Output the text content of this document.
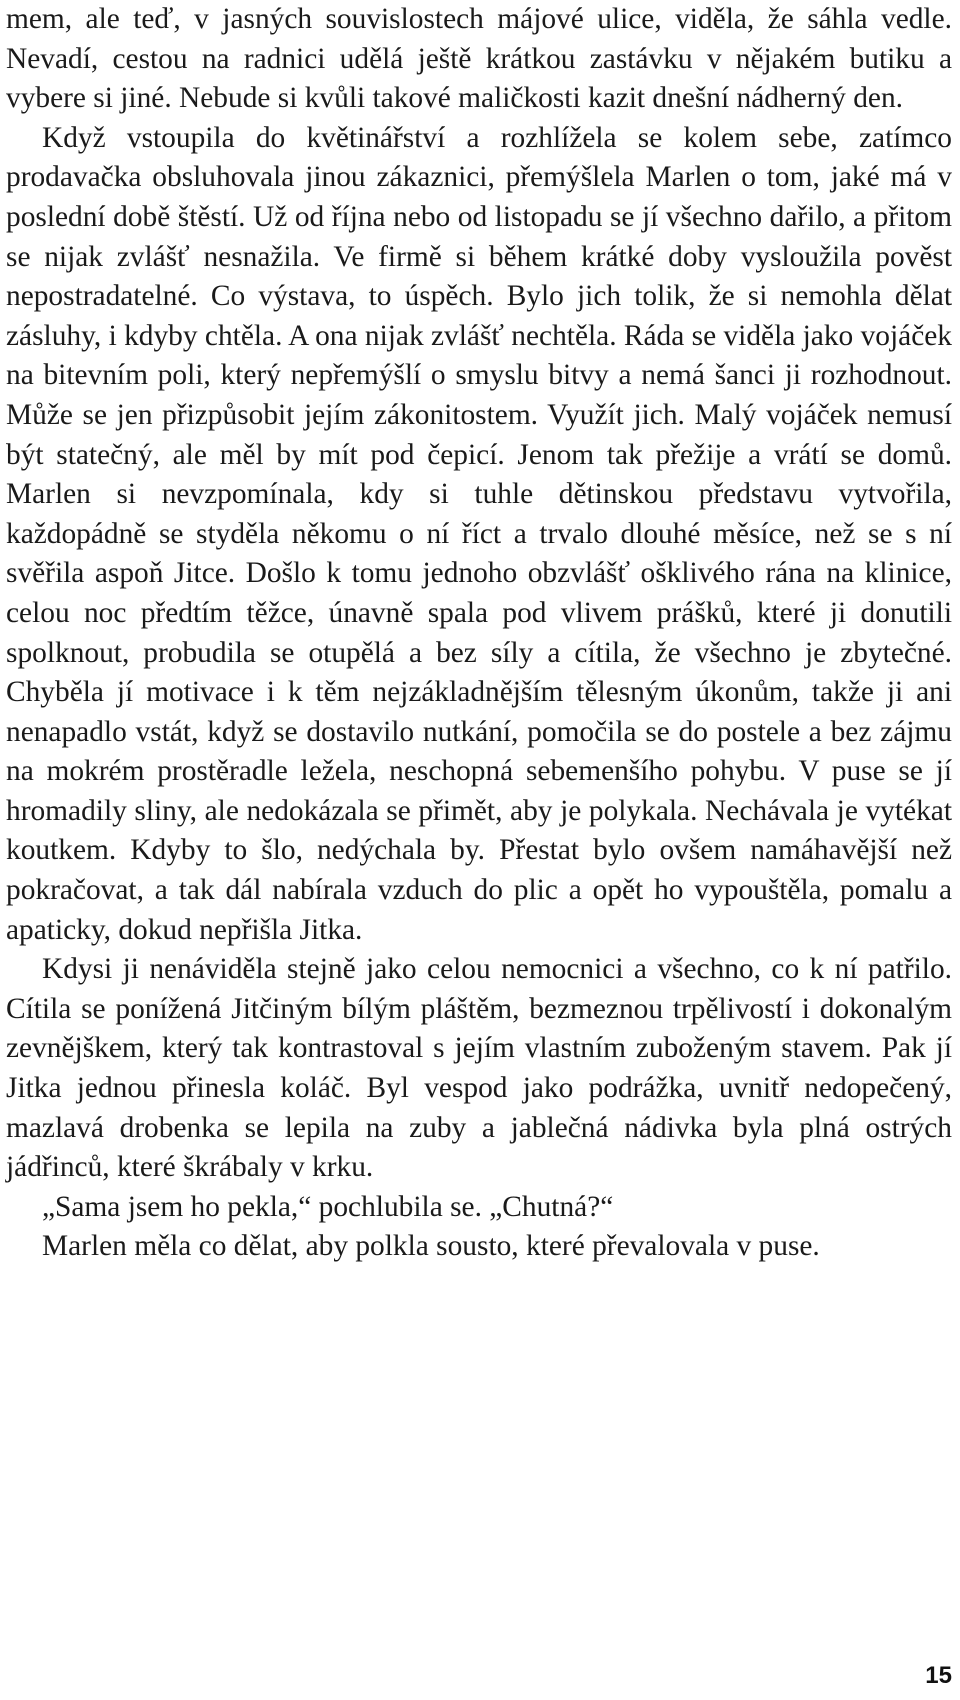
mem, ale teď, v jasných souvislostech májové ulice, viděla, že sáhla vedle. Nevadí, cestou na radnici udělá ještě krátkou zastávku v nějakém butiku a vybere si jiné. Nebude si kvůli takové maličkosti kazit dnešní nádherný den.

Když vstoupila do květinářství a rozhlížela se kolem sebe, zatímco prodavačka obsluhovala jinou zákaznici, přemýšlela Marlen o tom, jaké má v poslední době štěstí. Už od října nebo od listopadu se jí všechno dařilo, a přitom se nijak zvlášť nesnažila. Ve firmě si během krátké doby vysloužila pověst nepostradatelné. Co výstava, to úspěch. Bylo jich tolik, že si nemohla dělat zásluhy, i kdyby chtěla. A ona nijak zvlášť nechtěla. Ráda se viděla jako vojáček na bitevním poli, který nepřemýšlí o smyslu bitvy a nemá šanci ji rozhodnout. Může se jen přizpůsobit jejím zákonitostem. Využít jich. Malý vojáček nemusí být statečný, ale měl by mít pod čepicí. Jenom tak přežije a vrátí se domů. Marlen si nevzpomínala, kdy si tuhle dětinskou představu vytvořila, každopádně se styděla někomu o ní říct a trvalo dlouhé měsíce, než se s ní svěřila aspoň Jitce. Došlo k tomu jednoho obzvlášť ošklivého rána na klinice, celou noc předtím těžce, únavně spala pod vlivem prášků, které ji donutili spolknout, probudila se otupělá a bez síly a cítila, že všechno je zbytečné. Chyběla jí motivace i k těm nejzákladnějším tělesným úkonům, takže ji ani nenapadlo vstát, když se dostavilo nutkání, pomočila se do postele a bez zájmu na mokrém prostěradle ležela, neschopná sebemenšího pohybu. V puse se jí hromadily sliny, ale nedokázala se přimět, aby je polykala. Nechávala je vytékat koutkem. Kdyby to šlo, nedýchala by. Přestat bylo ovšem namáhavější než pokračovat, a tak dál nabírala vzduch do plic a opět ho vypouštěla, pomalu a apaticky, dokud nepřišla Jitka.

Kdysi ji nenáviděla stejně jako celou nemocnici a všechno, co k ní patřilo. Cítila se ponížená Jitčiným bílým pláštěm, bezmeznou trpělivostí i dokonalým zevnějškem, který tak kontrastoval s jejím vlastním zuboženým stavem. Pak jí Jitka jednou přinesla koláč. Byl vespod jako podrážka, uvnitř nedopečený, mazlavá drobenka se lepila na zuby a jablečná nádivka byla plná ostrých jádřinců, které škrábaly v krku.

„Sama jsem ho pekla,“ pochlubila se. „Chutná?“

Marlen měla co dělat, aby polkla sousto, které převalovala v puse.

15
